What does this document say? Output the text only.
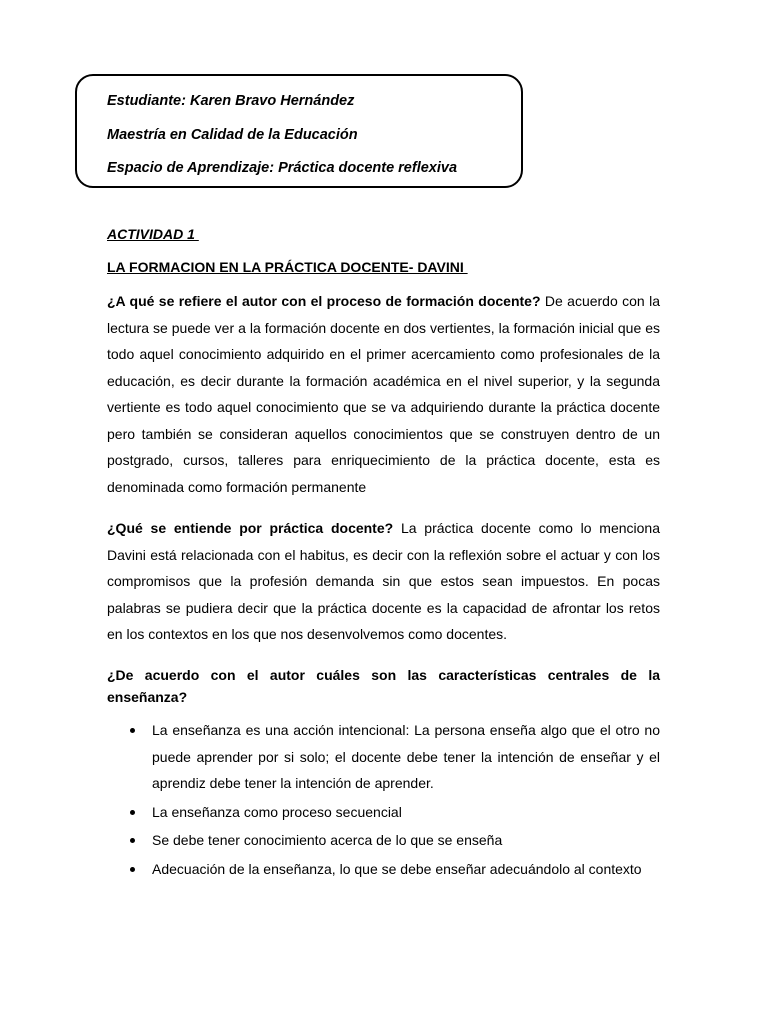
Estudiante: Karen Bravo Hernández
Maestría en Calidad de la Educación
Espacio de Aprendizaje: Práctica docente reflexiva
ACTIVIDAD 1
LA FORMACION EN LA PRÁCTICA DOCENTE- DAVINI

¿A qué se refiere el autor con el proceso de formación docente? De acuerdo con la lectura se puede ver a la formación docente en dos vertientes, la formación inicial que es todo aquel conocimiento adquirido en el primer acercamiento como profesionales de la educación, es decir durante la formación académica en el nivel superior, y la segunda vertiente es todo aquel conocimiento que se va adquiriendo durante la práctica docente pero también se consideran aquellos conocimientos que se construyen dentro de un postgrado, cursos, talleres para enriquecimiento de la práctica docente, esta es denominada como formación permanente

¿Qué se entiende por práctica docente? La práctica docente como lo menciona Davini está relacionada con el habitus, es decir con la reflexión sobre el actuar y con los compromisos que la profesión demanda sin que estos sean impuestos. En pocas palabras se pudiera decir que la práctica docente es la capacidad de afrontar los retos en los contextos en los que nos desenvolvemos como docentes.

¿De acuerdo con el autor cuáles son las características centrales de la enseñanza?

La enseñanza es una acción intencional: La persona enseña algo que el otro no puede aprender por si solo; el docente debe tener la intención de enseñar y el aprendiz debe tener la intención de aprender.
La enseñanza como proceso secuencial
Se debe tener conocimiento acerca de lo que se enseña
Adecuación de la enseñanza, lo que se debe enseñar adecuándolo al contexto
